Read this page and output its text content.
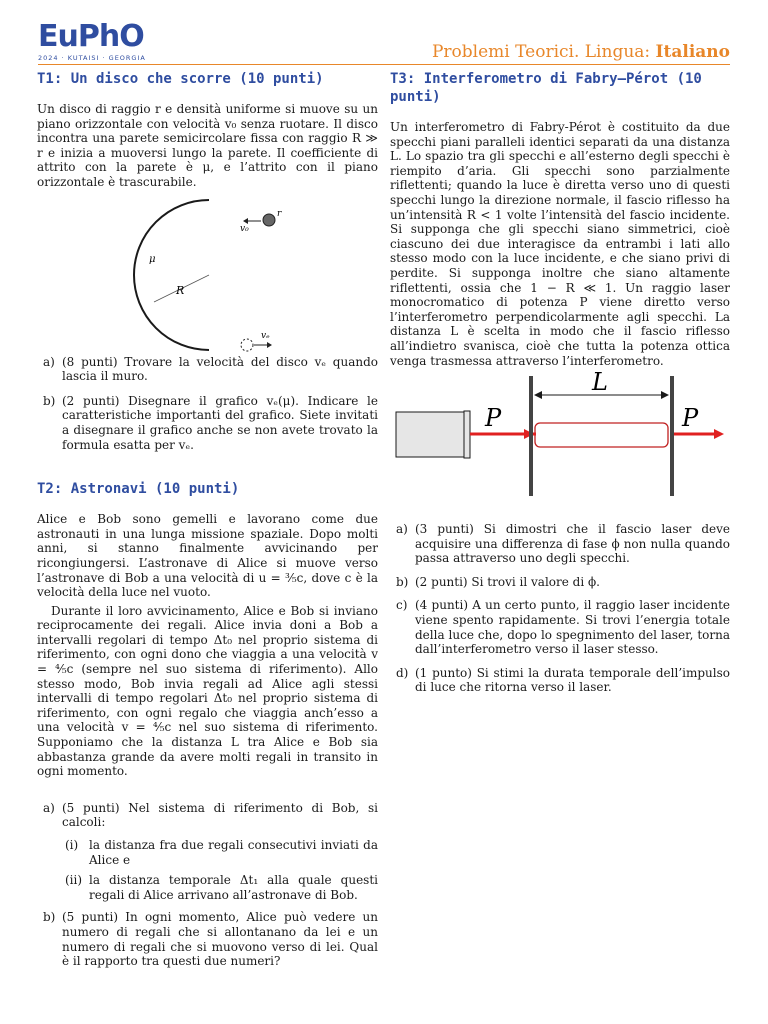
EuPhO
2024 · KUTAISI · GEORGIA	Problemi Teorici. Lingua: Italiano
T1: Un disco che scorre (10 punti)

Un disco di raggio r e densità uniforme si muove su un piano orizzontale con velocità v₀ senza ruotare. Il disco incontra una parete semicircolare fissa con raggio R ≫ r e inizia a muoversi lungo la parete. Il coefficiente di attrito con la parete è μ, e l’attrito con il piano orizzontale è trascurabile.

R
μ
r
v₀
vₑ
a) (8 punti) Trovare la velocità del disco vₑ quando lascia il muro.
b) (2 punti) Disegnare il grafico vₑ(μ). Indicare le caratteristiche importanti del grafico. Siete invitati a disegnare il grafico anche se non avete trovato la formula esatta per vₑ.
T2: Astronavi (10 punti)

Alice e Bob sono gemelli e lavorano come due astronauti in una lunga missione spaziale. Dopo molti anni, si stanno finalmente avvicinando per ricongiungersi. L’astronave di Alice si muove verso l’astronave di Bob a una velocità di u = ³⁄₅c, dove c è la velocità della luce nel vuoto.

Durante il loro avvicinamento, Alice e Bob si inviano reciprocamente dei regali. Alice invia doni a Bob a intervalli regolari di tempo Δt₀ nel proprio sistema di riferimento, con ogni dono che viaggia a una velocità v = ⁴⁄₅c (sempre nel suo sistema di riferimento). Allo stesso modo, Bob invia regali ad Alice agli stessi intervalli di tempo regolari Δt₀ nel proprio sistema di riferimento, con ogni regalo che viaggia anch’esso a una velocità v = ⁴⁄₅c nel suo sistema di riferimento. Supponiamo che la distanza L tra Alice e Bob sia abbastanza grande da avere molti regali in transito in ogni momento.

a) (5 punti) Nel sistema di riferimento di Bob, si calcoli:
(i) la distanza fra due regali consecutivi inviati da Alice e
(ii) la distanza temporale Δt₁ alla quale questi regali di Alice arrivano all’astronave di Bob.
b) (5 punti) In ogni momento, Alice può vedere un numero di regali che si allontanano da lei e un numero di regali che si muovono verso di lei. Qual è il rapporto tra questi due numeri?
T3: Interferometro di Fabry–Pérot (10 punti)

Un interferometro di Fabry-Pérot è costituito da due specchi piani paralleli identici separati da una distanza L. Lo spazio tra gli specchi e all’esterno degli specchi è riempito d’aria. Gli specchi sono parzialmente riflettenti; quando la luce è diretta verso uno di questi specchi lungo la direzione normale, il fascio riflesso ha un’intensità R < 1 volte l’intensità del fascio incidente. Si supponga che gli specchi siano simmetrici, cioè ciascuno dei due interagisce da entrambi i lati allo stesso modo con la luce incidente, e che siano privi di perdite. Si supponga inoltre che siano altamente riflettenti, ossia che 1 − R ≪ 1. Un raggio laser monocromatico di potenza P viene diretto verso l’interferometro perpendicolarmente agli specchi. La distanza L è scelta in modo che il fascio riflesso all’indietro svanisca, cioè che tutta la potenza ottica venga trasmessa attraverso l’interferometro.

P
L
P
a) (3 punti) Si dimostri che il fascio laser deve acquisire una differenza di fase ϕ non nulla quando passa attraverso uno degli specchi.
b) (2 punti) Si trovi il valore di ϕ.
c) (4 punti) A un certo punto, il raggio laser incidente viene spento rapidamente. Si trovi l’energia totale della luce che, dopo lo spegnimento del laser, torna dall’interferometro verso il laser stesso.
d) (1 punto) Si stimi la durata temporale dell’impulso di luce che ritorna verso il laser.
